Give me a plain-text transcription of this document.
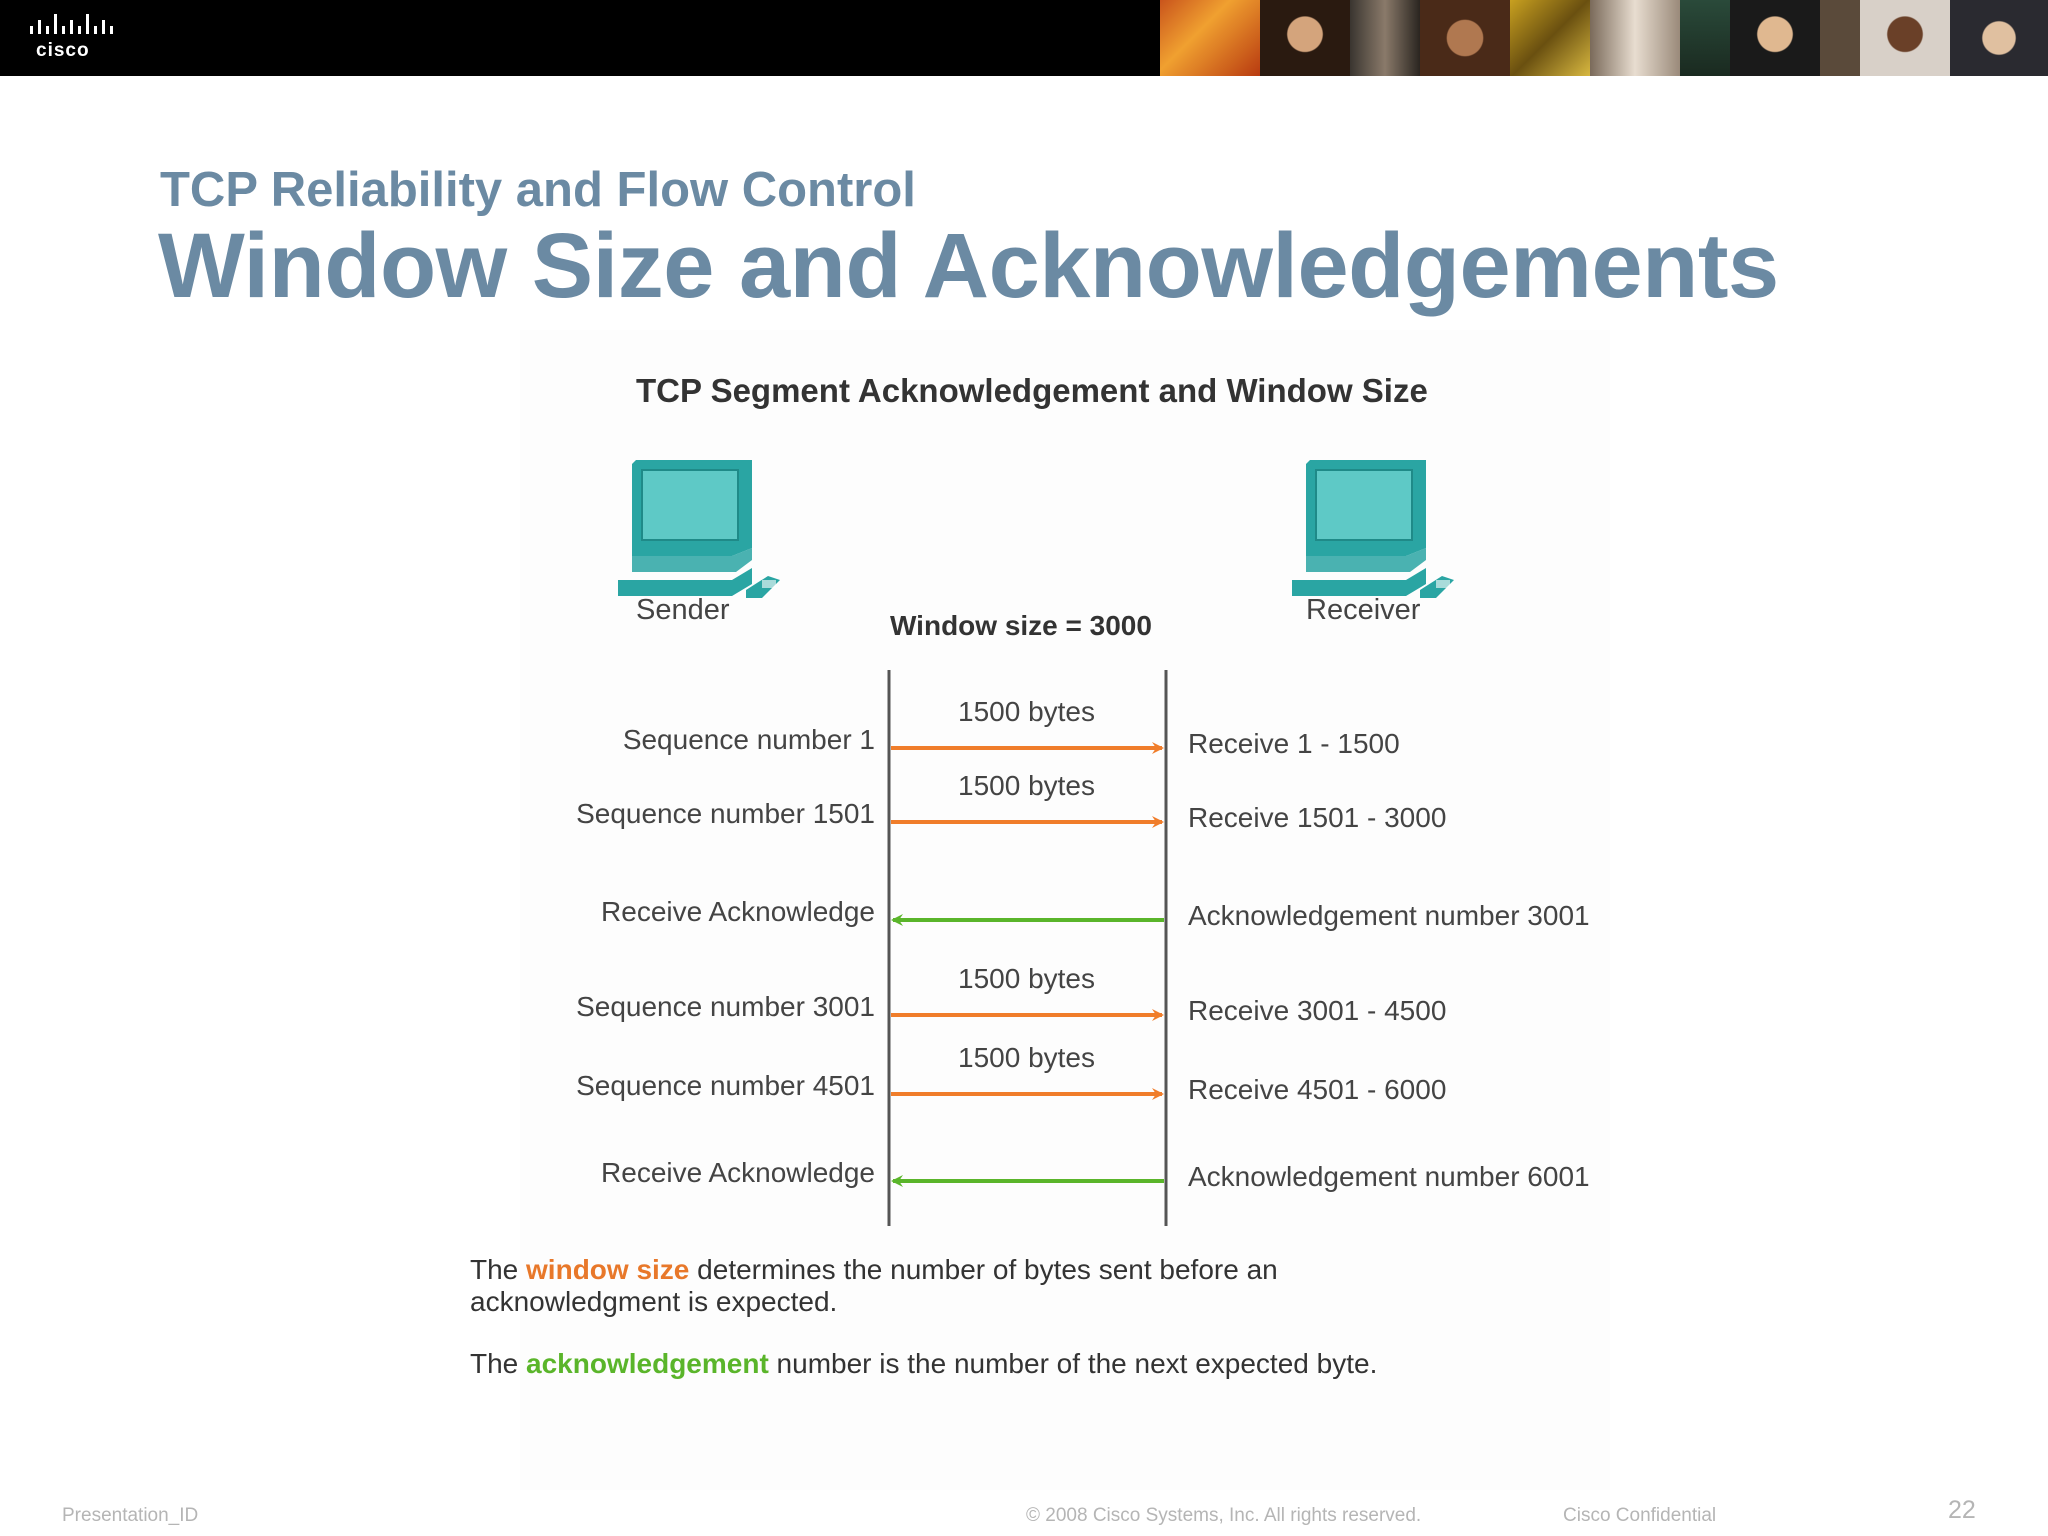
cisco
TCP Reliability and Flow Control
Window Size and Acknowledgements
TCP Segment Acknowledgement and Window Size
Sender	Receiver
Window size = 3000
Sequence number 1	Receive 1 - 1500
1500 bytes
Sequence number 1501	Receive 1501 - 3000
1500 bytes
Receive Acknowledge	Acknowledgement number 3001
Sequence number 3001	Receive 3001 - 4500
1500 bytes
Sequence number 4501	Receive 4501 - 6000
1500 bytes
Receive Acknowledge	Acknowledgement number 6001
The window size determines the number of bytes sent before an
acknowledgment is expected.
The acknowledgement number is the number of the next expected byte.
Presentation_ID	© 2008 Cisco Systems, Inc. All rights reserved.	Cisco Confidential	22
